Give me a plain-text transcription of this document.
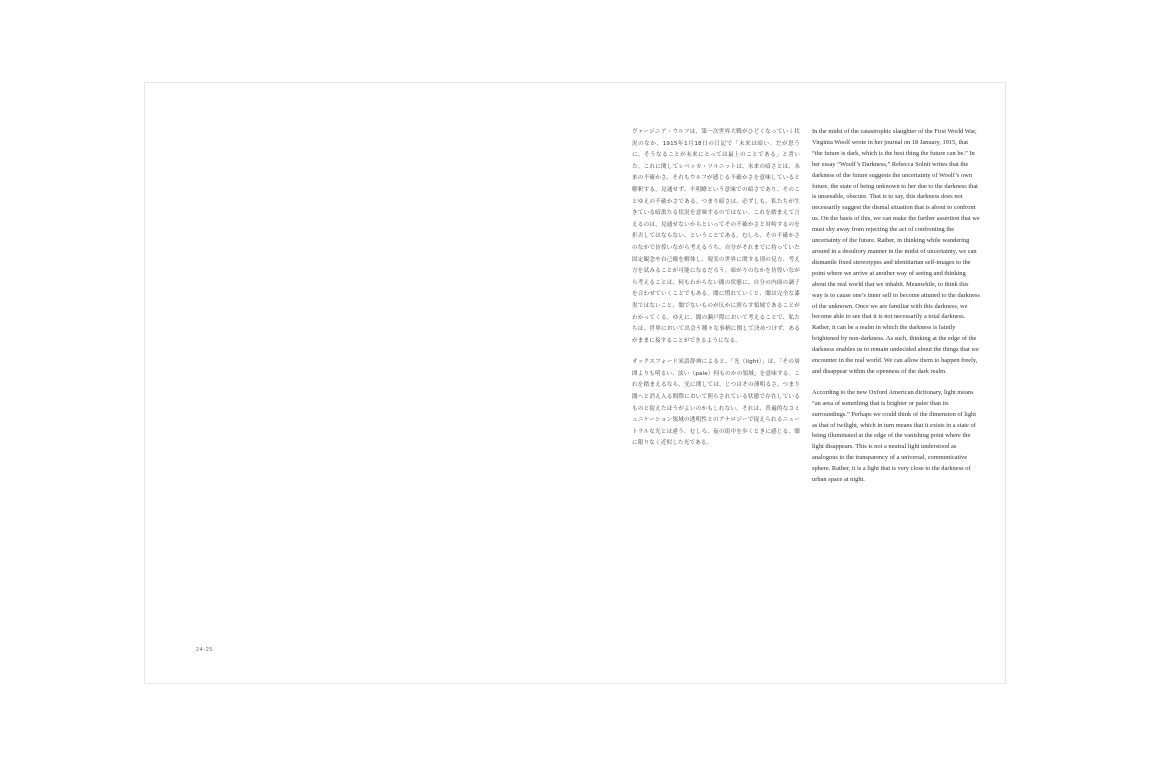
ヴァージニア・ウルフは、第一次世界大戦がひどくなっていく状況のなか、1915年1月18日の日記で「未来は暗い。だが思うに、そうなることが未来にとっては最上のことである」と書いた。これに関してレベッカ・ソルニットは、未来の暗さとは、未来の不確かさ、それもウルフが感じる不確かさを意味していると解釈する。見通せず、不明瞭という意味での暗さであり、そのことゆえの不確かさである。つまり暗さは、必ずしも、私たちが生きている暗澹たる状況を意味するのではない。これを踏まえて言えるのは、見通せないからといってその不確かさと対峙するのを拒否してはならない、ということである。むしろ、その不確かさのなかで彷徨いながら考えるうち、自分がそれまでに持っていた固定観念や自己像を解体し、現実の世界に関する別の見方、考え方を試みることが可能になるだろう。暗がりのなかを彷徨いながら考えることは、何もわからない闇の状態に、自分の内面の調子を合わせていくことでもある。闇に慣れていくと、闇は完全な漆黒ではないこと、闇でないものが仄かに照らす領域であることがわかってくる。ゆえに、闇の瀬戸際において考えることで、私たちは、世界において出会う種々な事柄に関して決めつけず、あるがままに接することができるようになる。

オックスフォード米語辞典によると、「光（light）」は、「その周囲よりも明るい、淡い（pale）何ものかの領域」を意味する。これを踏まえるなら、光に関しては、じつはその薄明るさ、つまり闇へと消え入る間際において照らされている状態で存在しているものと捉えたほうがよいのかもしれない。それは、普遍的なコミュニケーション領域の透明性とのアナロジーで捉えられるニュートラルな光とは違う。むしろ、夜の街中を歩くときに感じる、闇に限りなく近似した光である。

In the midst of the catastrophic slaughter of the First World War, Virginia Woolf wrote in her journal on 18 January, 1915, that “the future is dark, which is the best thing the future can be.” In her essay “Woolf’s Darkness,” Rebecca Solnit writes that the darkness of the future suggests the uncertainty of Woolf’s own future, the state of being unknown to her due to the darkness that is unseeable, obscure. That is to say, this darkness does not necessarily suggest the dismal situation that is about to confront us. On the basis of this, we can make the further assertion that we must shy away from rejecting the act of confronting the uncertainty of the future. Rather, in thinking while wandering around in a desultory manner in the midst of uncertainty, we can dismantle fixed stereotypes and identitarian self-images to the point where we arrive at another way of seeing and thinking about the real world that we inhabit. Meanwhile, to think this way is to cause one’s inner self to become attuned to the darkness of the unknown. Once we are familiar with this darkness, we become able to see that it is not necessarily a total darkness. Rather, it can be a realm in which the darkness is faintly brightened by non-darkness. As such, thinking at the edge of the darkness enables us to remain undecided about the things that we encounter in the real world. We can allow them to happen freely, and disappear within the openness of the dark realm.

According to the new Oxford American dictionary, light means “an area of something that is brighter or paler than its surroundings.” Perhaps we could think of the dimension of light as that of twilight, which in turn means that it exists in a state of being illuminated at the edge of the vanishing point where the light disappears. This is not a neutral light understood as analogous to the transparency of a universal, communicative sphere. Rather, it is a light that is very close to the darkness of urban space at night.

24-25
